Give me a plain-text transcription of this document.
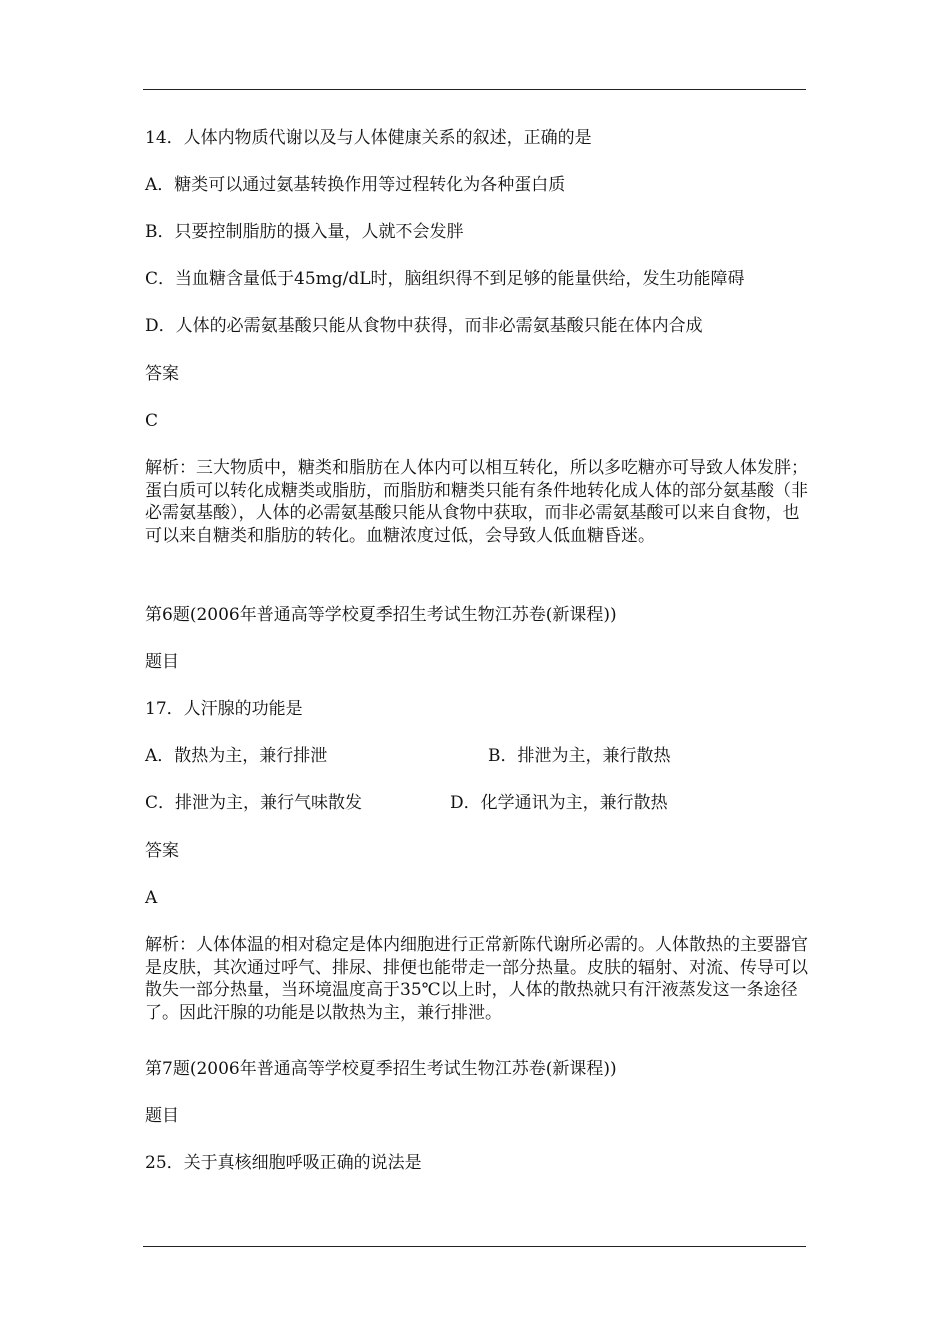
14．人体内物质代谢以及与人体健康关系的叙述，正确的是
A．糖类可以通过氨基转换作用等过程转化为各种蛋白质
B．只要控制脂肪的摄入量，人就不会发胖
C．当血糖含量低于45mg/dL时，脑组织得不到足够的能量供给，发生功能障碍
D．人体的必需氨基酸只能从食物中获得，而非必需氨基酸只能在体内合成
答案
C
解析：三大物质中，糖类和脂肪在人体内可以相互转化，所以多吃糖亦可导致人体发胖；蛋白质可以转化成糖类或脂肪，而脂肪和糖类只能有条件地转化成人体的部分氨基酸（非必需氨基酸），人体的必需氨基酸只能从食物中获取，而非必需氨基酸可以来自食物，也可以来自糖类和脂肪的转化。血糖浓度过低，会导致人低血糖昏迷。
第6题(2006年普通高等学校夏季招生考试生物江苏卷(新课程))
题目
17．人汗腺的功能是
A．散热为主，兼行排泄	B．排泄为主，兼行散热
C．排泄为主，兼行气味散发	D．化学通讯为主，兼行散热
答案
A
解析：人体体温的相对稳定是体内细胞进行正常新陈代谢所必需的。人体散热的主要器官是皮肤，其次通过呼气、排尿、排便也能带走一部分热量。皮肤的辐射、对流、传导可以散失一部分热量，当环境温度高于35℃以上时，人体的散热就只有汗液蒸发这一条途径了。因此汗腺的功能是以散热为主，兼行排泄。
第7题(2006年普通高等学校夏季招生考试生物江苏卷(新课程))
题目
25．关于真核细胞呼吸正确的说法是
